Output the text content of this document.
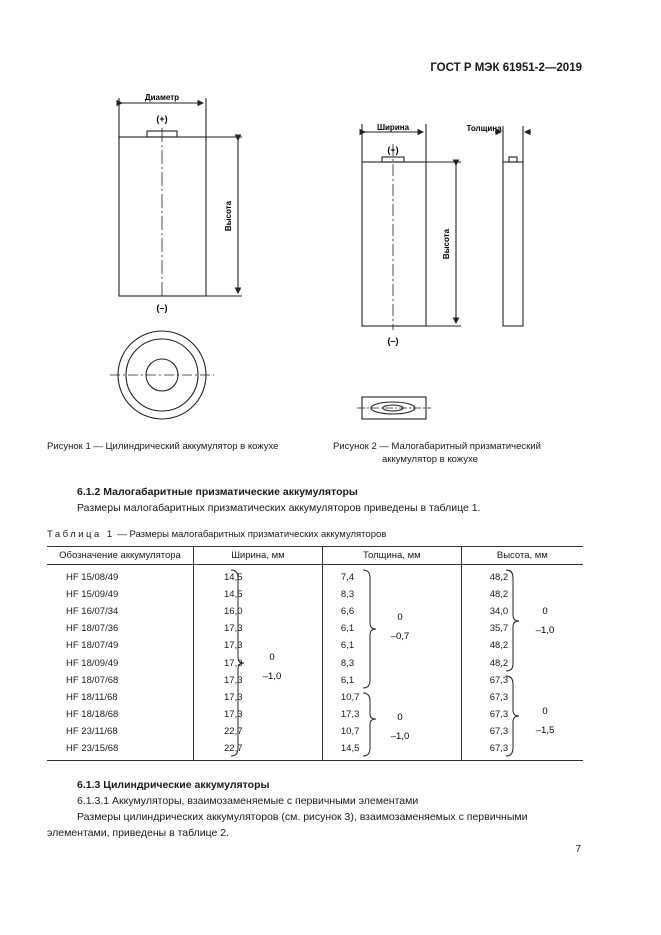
ГОСТ Р МЭК 61951-2—2019
Диаметр
(+)
(–)
Высота
Ширина	Толщина
(+)
(–)
Высота
Рисунок 1 — Цилиндрический аккумулятор в кожухе	Рисунок 2 — Малогабаритный призматический
аккумулятор в кожухе
6.1.2 Малогабаритные призматические аккумуляторы
Размеры малогабаритных призматических аккумуляторов приведены в таблице 1.
Таблица 1 — Размеры малогабаритных призматических аккумуляторов
Обозначение аккумулятора	Ширина, мм	Толщина, мм	Высота, мм
HF 15/08/49	14,5	7,4	48,2
HF 15/09/49	14,5	8,3	48,2
HF 16/07/34	16,0	6,6	34,0
HF 18/07/36	17,3	6,1	35,7
HF 18/07/49	17,3	6,1	48,2
HF 18/09/49	17,3	8,3	48,2
HF 18/07/68	17,3	6,1	67,3
HF 18/11/68	17,3	10,7	67,3
HF 18/18/68	17,3	17,3	67,3
HF 23/11/68	22,7	10,7	67,3
HF 23/15/68	22,7	14,5	67,3
0
–1,0
0
–0,7
0
–1,0
0
–1,0
0
–1,5
6.1.3 Цилиндрические аккумуляторы
6.1.3.1 Аккумуляторы, взаимозаменяемые с первичными элементами
Размеры цилиндрических аккумуляторов (см. рисунок 3), взаимозаменяемых с первичными
элементами, приведены в таблице 2.
7
